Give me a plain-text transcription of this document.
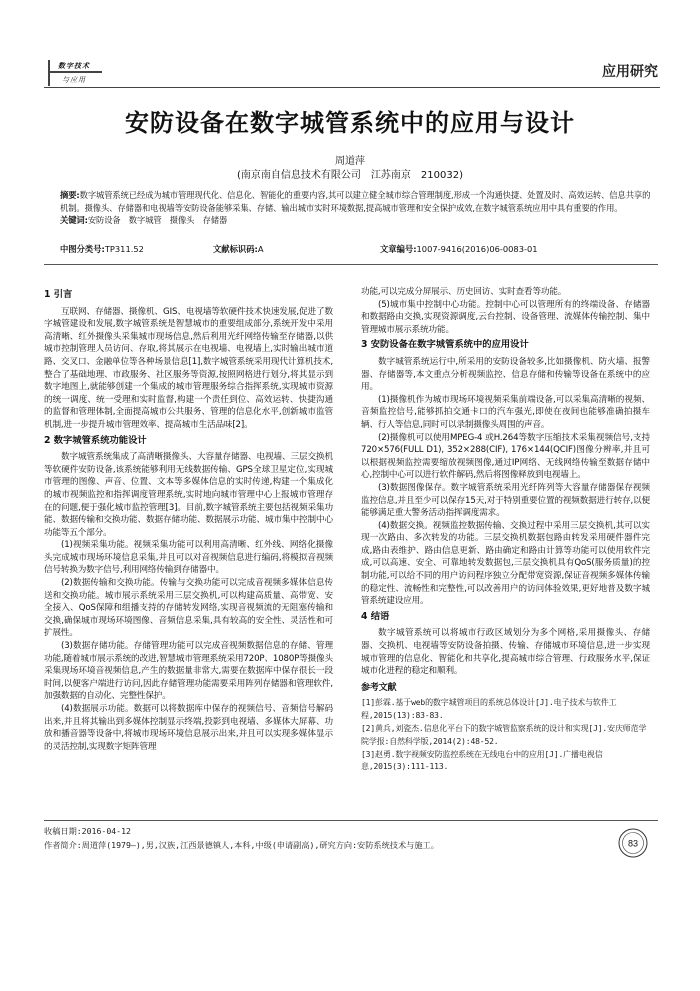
数字技术
与应用	应用研究
安防设备在数字城管系统中的应用与设计
周道萍
(南京南自信息技术有限公司　江苏南京　210032)
摘要:数字城管系统已经成为城市管理现代化、信息化、智能化的重要内容,其可以建立健全城市综合管理制度,形成一个沟通快捷、处置及时、高效运转、信息共享的机制。摄像头、存储器和电视墙等安防设备能够采集、存储、输出城市实时环境数据,提高城市管理和安全保护成效,在数字城管系统应用中具有重要的作用。
关键词:安防设备　数字城管　摄像头　存储器
中图分类号:TP311.52	文献标识码:A	文章编号:1007-9416(2016)06-0083-01
1 引言

互联网、存储器、摄像机、GIS、电视墙等软硬件技术快速发展,促进了数字城管建设和发展,数字城管系统是智慧城市的重要组成部分,系统开发中采用高清晰、红外摄像头采集城市现场信息,然后利用光纤网络传输至存储器,以供城市控制管理人员访问、存取,将其展示在电视墙、电视墙上,实时输出城市道路、交叉口、金融单位等各种场景信息[1],数字城管系统采用现代计算机技术,整合了基础地理、市政服务、社区服务等资源,按照网格进行划分,将其显示到数字地图上,就能够创建一个集成的城市管理服务综合指挥系统,实现城市资源的统一调度、统一受理和实时监督,构建一个责任到位、高效运转、快捷沟通的监督和管理体制,全面提高城市公共服务、管理的信息化水平,创新城市监管机制,进一步提升城市管理效率、提高城市生活品味[2]。

2 数字城管系统功能设计

数字城管系统集成了高清晰摄像头、大容量存储器、电视墙、三层交换机等软硬件安防设备,该系统能够利用无线数据传输、GPS全球卫星定位,实现城市管理的图像、声音、位置、文本等多媒体信息的实时传递,构建一个集成化的城市视频监控和指挥调度管理系统,实时地向城市管理中心上报城市管理存在的问题,便于强化城市监控管理[3]。目前,数字城管系统主要包括视频采集功能、数据传输和交换功能、数据存储功能、数据展示功能、城市集中控制中心功能等五个部分。

(1)视频采集功能。视频采集功能可以利用高清晰、红外线、网络化摄像头完成城市现场环境信息采集,并且可以对音视频信息进行编码,将模拟音视频信号转换为数字信号,利用网络传输到存储器中。

(2)数据传输和交换功能。传输与交换功能可以完成音视频多媒体信息传送和交换功能。城市展示系统采用三层交换机,可以构建高质量、高带宽、安全接入、QoS保障和组播支持的存储转发网络,实现音视频流的无阻塞传输和交换,确保城市现场环境图像、音频信息采集,具有较高的安全性、灵活性和可扩展性。

(3)数据存储功能。存储管理功能可以完成音视频数据信息的存储、管理功能,随着城市展示系统的改进,智慧城市管理系统采用720P、1080P等摄像头采集现场环境音视频信息,产生的数据量非常大,需要在数据库中保存很长一段时间,以便客户端进行访问,因此存储管理功能需要采用阵列存储器和管理软件,加强数据的自动化、完整性保护。

(4)数据展示功能。数据可以将数据库中保存的视频信号、音频信号解码出来,并且将其输出到多媒体控制显示终端,投影到电视墙、多媒体大屏幕、功放和播音器等设备中,将城市现场环境信息展示出来,并且可以实现多媒体显示的灵活控制,实现数字矩阵管理

功能,可以完成分屏展示、历史回访、实时查看等功能。

(5)城市集中控制中心功能。控制中心可以管理所有的终端设备、存储器和数据路由交换,实现资源调度,云台控制、设备管理、流媒体传输控制、集中管理城市展示系统功能。

3 安防设备在数字城管系统中的应用设计

数字城管系统运行中,所采用的安防设备较多,比如摄像机、防火墙、报警器、存储器等,本文重点分析视频监控、信息存储和传输等设备在系统中的应用。

(1)摄像机作为城市现场环境视频采集前端设备,可以采集高清晰的视频、音频监控信号,能够抓拍交通卡口的汽车强光,即使在夜间也能够准确拍摄车辆、行人等信息,同时可以录制摄像头周围的声音。

(2)摄像机可以使用MPEG-4 或H.264等数字压缩技术采集视频信号,支持720×576(FULL D1), 352×288(CIF), 176×144(QCIF)图像分辨率,并且可以根据视频监控需要缩放视频图像,通过IP网络、无线网络传输至数据存储中心,控制中心可以进行软件解码,然后将图像释放到电视墙上。

(3)数据图像保存。数字城管系统采用光纤阵列等大容量存储器保存视频监控信息,并且至少可以保存15天,对于特别重要位置的视频数据进行转存,以便能够满足重大警务活动指挥调度需求。

(4)数据交换。视频监控数据传输、交换过程中采用三层交换机,其可以实现一次路由、多次转发的功能。三层交换机数据包路由转发采用硬件器件完成,路由表维护、路由信息更新、路由确定和路由计算等功能可以使用软件完成,可以高速、安全、可靠地转发数据包,三层交换机具有QoS(服务质量)的控制功能,可以给不同的用户访问程序独立分配带宽资源,保证音视频多媒体传输的稳定性、流畅性和完整性,可以改善用户的访问体验效果,更好地普及数字城管系统建设应用。

4 结语

数字城管系统可以将城市行政区域划分为多个网格,采用摄像头、存储器、交换机、电视墙等安防设备拍摄、传输、存储城市环境信息,进一步实现城市管理的信息化、智能化和共享化,提高城市综合管理、行政服务水平,保证城市化进程的稳定和顺利。

参考文献
[1]彭霖.基于web的数字城管项目的系统总体设计[J].电子技术与软件工程,2015(13):83-83.
[2]黄兵,刘瓷杰.信息化平台下的数字城管监察系统的设计和实现[J].安庆师范学院学报:自然科学版,2014(2):48-52.
[3]赵勇.数字视频安防监控系统在无线电台中的应用[J].广播电视信息,2015(3):111-113.
收稿日期:2016-04-12
作者简介:周道萍(1979—),男,汉族,江西景德镇人,本科,中级(申请副高),研究方向:安防系统技术与施工。	83
